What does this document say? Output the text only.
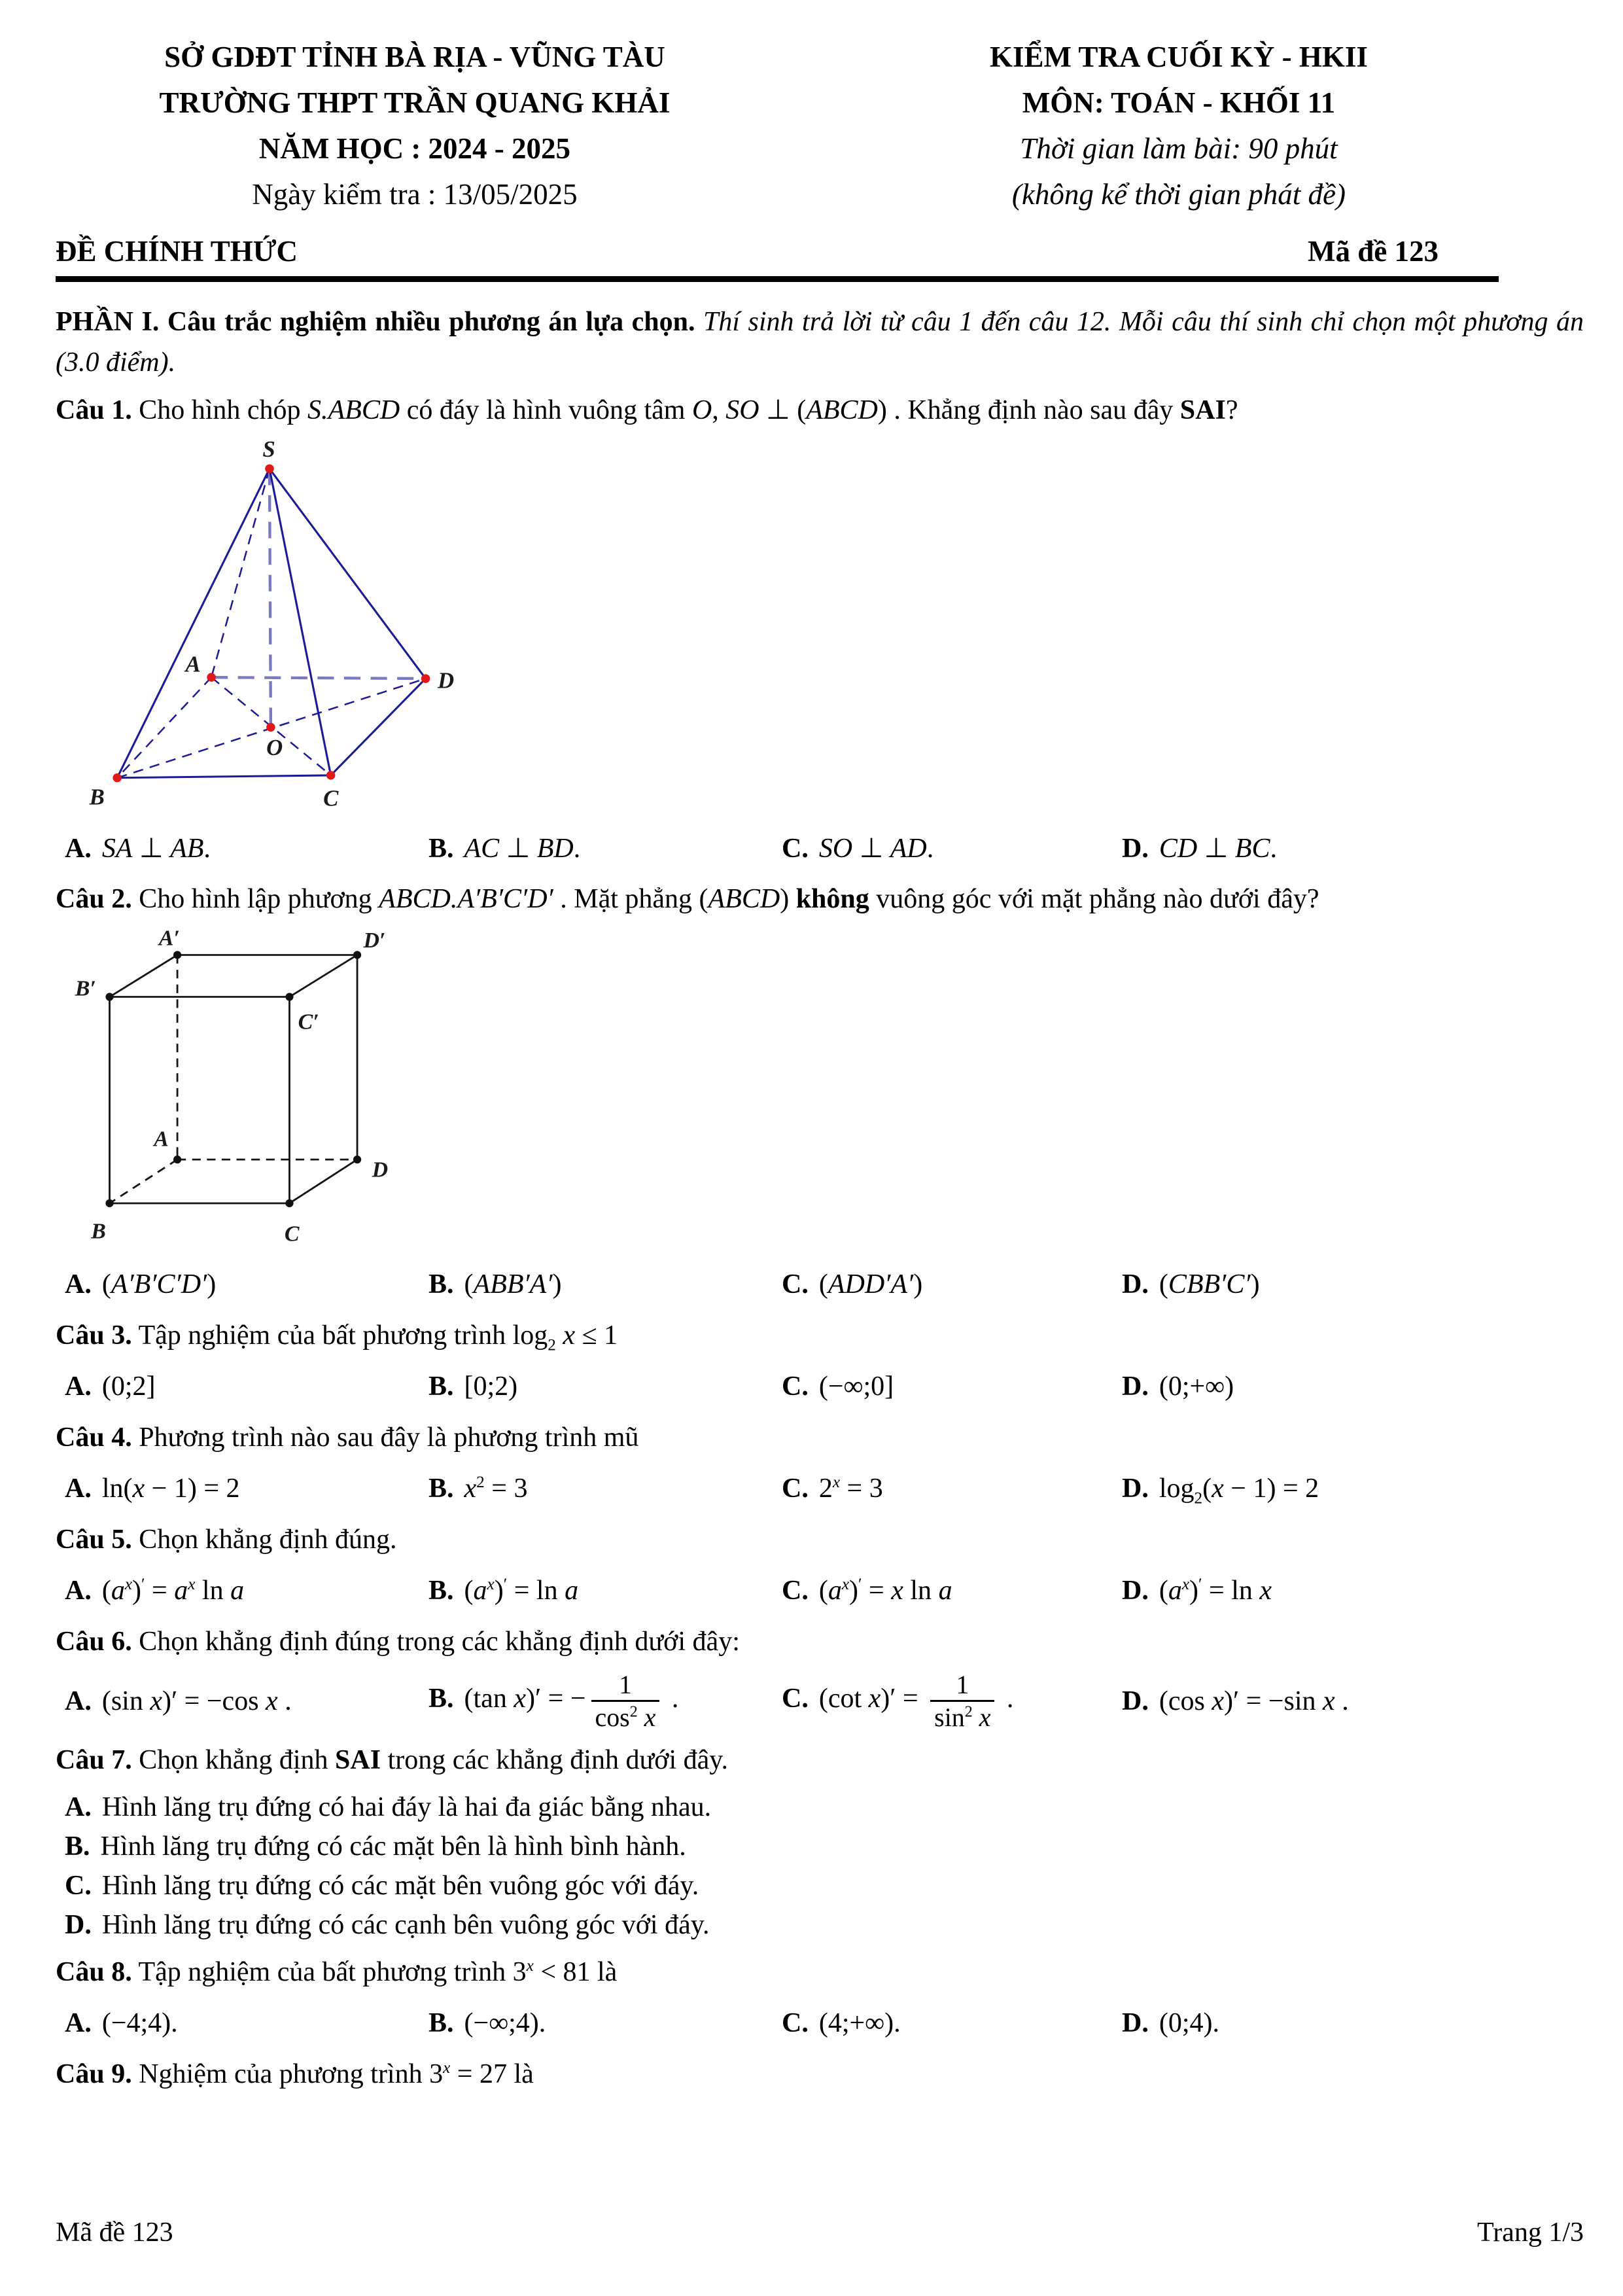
SỞ GDĐT TỈNH BÀ RỊA - VŨNG TÀU
TRƯỜNG THPT TRẦN QUANG KHẢI
NĂM HỌC : 2024 - 2025
Ngày kiểm tra : 13/05/2025
KIỂM TRA CUỐI KỲ - HKII
MÔN: TOÁN - KHỐI 11
Thời gian làm bài: 90 phút
(không kể thời gian phát đề)
ĐỀ CHÍNH THỨC	Mã đề 123

PHẦN I. Câu trắc nghiệm nhiều phương án lựa chọn. Thí sinh trả lời từ câu 1 đến câu 12. Mỗi câu thí sinh chỉ chọn một phương án (3.0 điểm).

Câu 1. Cho hình chóp S.ABCD có đáy là hình vuông tâm O, SO ⊥ (ABCD) . Khẳng định nào sau đây SAI?

S
A
B	C
D
O
A. SA ⊥ AB.	B. AC ⊥ BD.	C. SO ⊥ AD.	D. CD ⊥ BC.

Câu 2. Cho hình lập phương ABCD.A′B′C′D′ . Mặt phẳng (ABCD) không vuông góc với mặt phẳng nào dưới đây?

A′	D′
B′
C′
A
D
B	C
A. (A′B′C′D′)	B. (ABB′A′)	C. (ADD′A′)	D. (CBB′C′)

Câu 3. Tập nghiệm của bất phương trình $\log_2 x \le 1$

A. (0;2]	B. [0;2)	C. (−∞;0]	D. (0;+∞)

Câu 4. Phương trình nào sau đây là phương trình mũ

A. ln(x − 1) = 2	B. $x^2 = 3$	C. $2^x = 3$	D. $\log_2(x - 1) = 2$

Câu 5. Chọn khẳng định đúng.

A. $(a^x)' = a^x$ ln a	B. $(a^x)' = \ln a$	C. $(a^x)' = x$ ln a	D. $(a^x)' = \ln x$

Câu 6. Chọn khẳng định đúng trong các khẳng định dưới đây:

A. (sin x)′ = −cos x .	B. (tan x)′ = − $\frac{1}{\cos^2 x}$ .	C. (cot $x)' = \frac{1}{\sin^2 x}$ .	D. (cos x)′ = −sin x .

Câu 7. Chọn khẳng định SAI trong các khẳng định dưới đây.

A. Hình lăng trụ đứng có hai đáy là hai đa giác bằng nhau.
B. Hình lăng trụ đứng có các mặt bên là hình bình hành.
C. Hình lăng trụ đứng có các mặt bên vuông góc với đáy.
D. Hình lăng trụ đứng có các cạnh bên vuông góc với đáy.

Câu 8. Tập nghiệm của bất phương trình $3^x < 81$ là

A. (−4;4).	B. (−∞;4).	C. (4;+∞).	D. (0;4).

Câu 9. Nghiệm của phương trình $3^x = 27$ là

Mã đề 123	Trang 1/3
